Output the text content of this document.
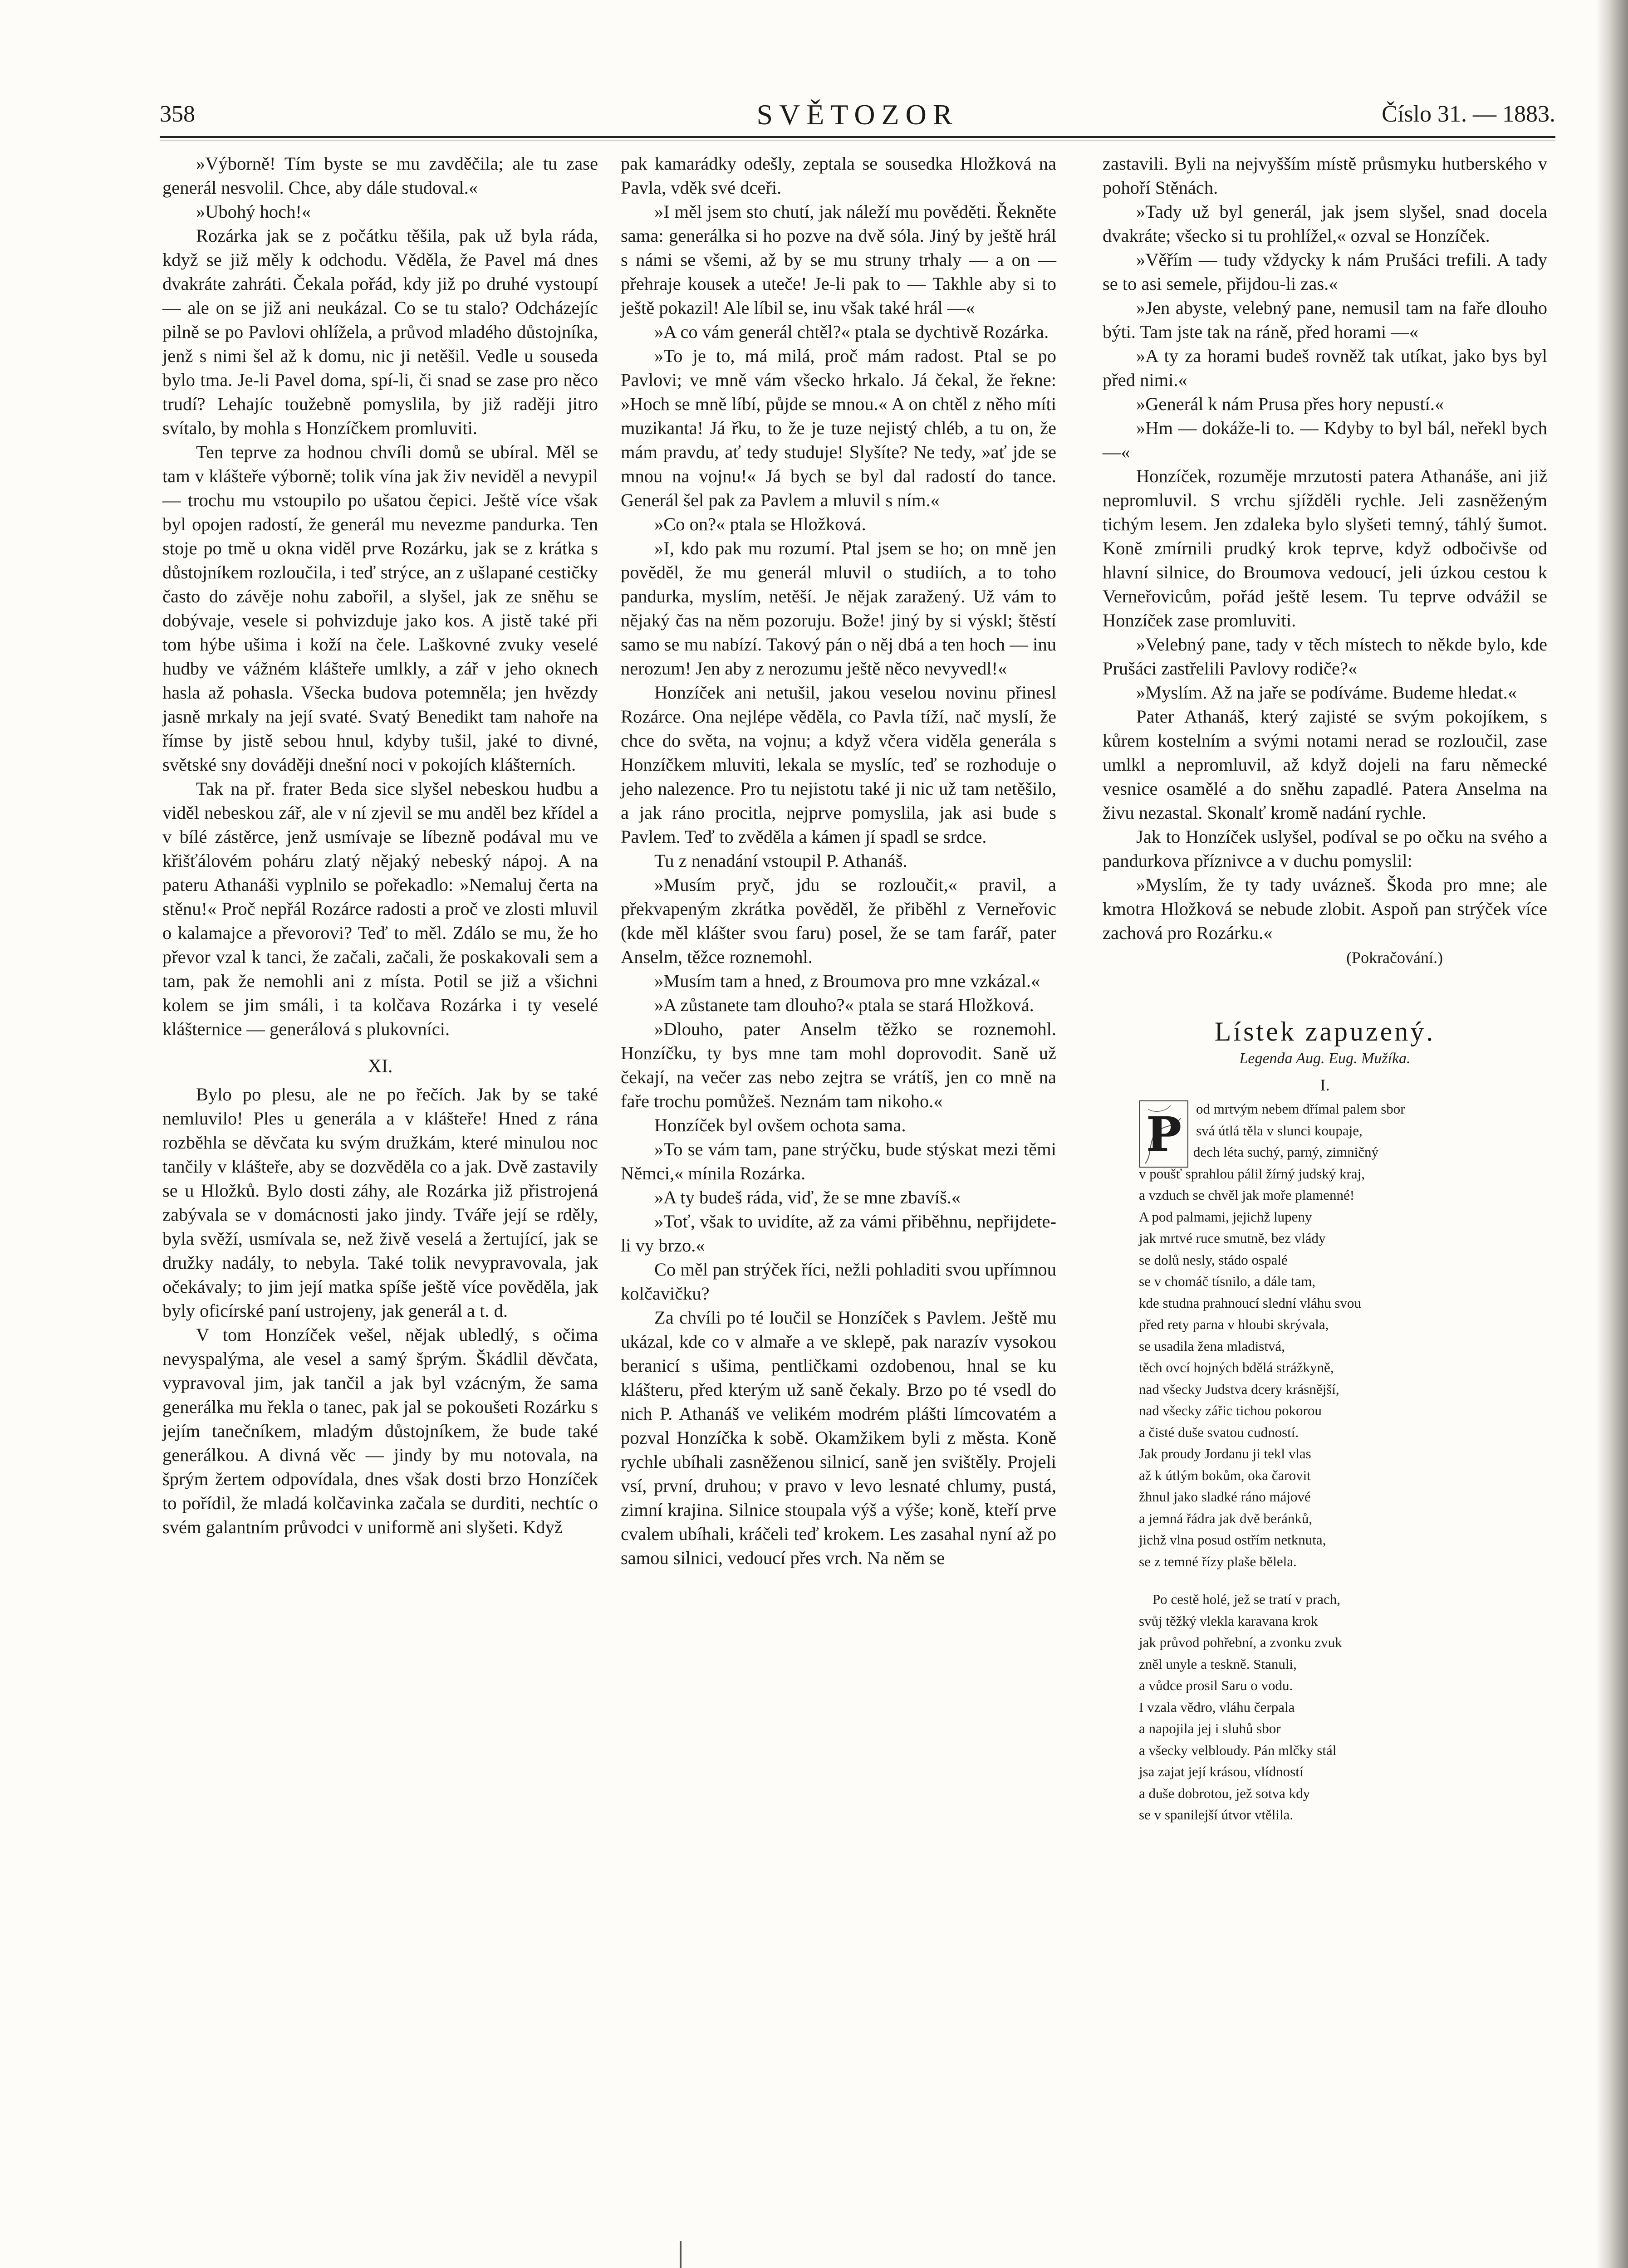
358	SVĚTOZOR	Číslo 31. — 1883.

»Výborně! Tím byste se mu zavděčila; ale tu zase generál nesvolil. Chce, aby dále studoval.«

»Ubohý hoch!«

Rozárka jak se z počátku těšila, pak už byla ráda, když se již měly k odchodu. Věděla, že Pavel má dnes dvakráte zahráti. Čekala pořád, kdy již po druhé vystoupí — ale on se již ani neukázal. Co se tu stalo? Odcházejíc pilně se po Pavlovi ohlížela, a průvod mladého důstojníka, jenž s nimi šel až k domu, nic ji netěšil. Vedle u souseda bylo tma. Je-li Pavel doma, spí-li, či snad se zase pro něco trudí? Lehajíc toužebně pomyslila, by již raději jitro svítalo, by mohla s Honzíčkem promluviti.

Ten teprve za hodnou chvíli domů se ubíral. Měl se tam v klášteře výborně; tolik vína jak živ neviděl a nevypil — trochu mu vstoupilo po ušatou čepici. Ještě více však byl opojen radostí, že generál mu nevezme pandurka. Ten stoje po tmě u okna viděl prve Rozárku, jak se z krátka s důstojníkem rozloučila, i teď strýce, an z ušlapané cestičky často do závěje nohu zabořil, a slyšel, jak ze sněhu se dobývaje, vesele si pohvizduje jako kos. A jistě také při tom hýbe ušima i koží na čele. Laškovné zvuky veselé hudby ve vážném klášteře umlkly, a zář v jeho oknech hasla až pohasla. Všecka budova potemněla; jen hvězdy jasně mrkaly na její svaté. Svatý Benedikt tam nahoře na římse by jistě sebou hnul, kdyby tušil, jaké to divné, světské sny dováději dnešní noci v pokojích klášterních.

Tak na př. frater Beda sice slyšel nebeskou hudbu a viděl nebeskou zář, ale v ní zjevil se mu anděl bez křídel a v bílé zástěrce, jenž usmívaje se líbezně podával mu ve křišťálovém poháru zlatý nějaký nebeský nápoj. A na pateru Athanáši vyplnilo se pořekadlo: »Nemaluj čerta na stěnu!« Proč nepřál Rozárce radosti a proč ve zlosti mluvil o kalamajce a převorovi? Teď to měl. Zdálo se mu, že ho převor vzal k tanci, že začali, začali, že poskakovali sem a tam, pak že nemohli ani z místa. Potil se již a všichni kolem se jim smáli, i ta kolčava Rozárka i ty veselé klášternice — generálová s plukovníci.

XI.

Bylo po plesu, ale ne po řečích. Jak by se také nemluvilo! Ples u generála a v klášteře! Hned z rána rozběhla se děvčata ku svým družkám, které minulou noc tančily v klášteře, aby se dozvěděla co a jak. Dvě zastavily se u Hložků. Bylo dosti záhy, ale Rozárka již přistrojená zabývala se v domácnosti jako jindy. Tváře její se rděly, byla svěží, usmívala se, než živě veselá a žertující, jak se družky nadály, to nebyla. Také tolik nevypravovala, jak očekávaly; to jim její matka spíše ještě více pověděla, jak byly oficírské paní ustrojeny, jak generál a t. d.

V tom Honzíček vešel, nějak ubledlý, s očima nevyspalýma, ale vesel a samý šprým. Škádlil děvčata, vypravoval jim, jak tančil a jak byl vzácným, že sama generálka mu řekla o tanec, pak jal se pokoušeti Rozárku s jejím tanečníkem, mladým důstojníkem, že bude také generálkou. A divná věc — jindy by mu notovala, na šprým žertem odpovídala, dnes však dosti brzo Honzíček to pořídil, že mladá kolčavinka začala se durditi, nechtíc o svém galantním průvodci v uniformě ani slyšeti. Když

pak kamarádky odešly, zeptala se sousedka Hložková na Pavla, vděk své dceři.

»I měl jsem sto chutí, jak náleží mu pověděti. Řekněte sama: generálka si ho pozve na dvě sóla. Jiný by ještě hrál s námi se všemi, až by se mu struny trhaly — a on — přehraje kousek a uteče! Je-li pak to — Takhle aby si to ještě pokazil! Ale líbil se, inu však také hrál —«

»A co vám generál chtěl?« ptala se dychtivě Rozárka.

»To je to, má milá, proč mám radost. Ptal se po Pavlovi; ve mně vám všecko hrkalo. Já čekal, že řekne: »Hoch se mně líbí, půjde se mnou.« A on chtěl z něho míti muzikanta! Já řku, to že je tuze nejistý chléb, a tu on, že mám pravdu, ať tedy studuje! Slyšíte? Ne tedy, »ať jde se mnou na vojnu!« Já bych se byl dal radostí do tance. Generál šel pak za Pavlem a mluvil s ním.«

»Co on?« ptala se Hložková.

»I, kdo pak mu rozumí. Ptal jsem se ho; on mně jen pověděl, že mu generál mluvil o studiích, a to toho pandurka, myslím, netěší. Je nějak zaražený. Už vám to nějaký čas na něm pozoruju. Bože! jiný by si výskl; štěstí samo se mu nabízí. Takový pán o něj dbá a ten hoch — inu nerozum! Jen aby z nerozumu ještě něco nevyvedl!«

Honzíček ani netušil, jakou veselou novinu přinesl Rozárce. Ona nejlépe věděla, co Pavla tíží, nač myslí, že chce do světa, na vojnu; a když včera viděla generála s Honzíčkem mluviti, lekala se myslíc, teď se rozhoduje o jeho nalezence. Pro tu nejistotu také ji nic už tam netěšilo, a jak ráno procitla, nejprve pomyslila, jak asi bude s Pavlem. Teď to zvěděla a kámen jí spadl se srdce.

Tu z nenadání vstoupil P. Athanáš.

»Musím pryč, jdu se rozloučit,« pravil, a překvapeným zkrátka pověděl, že přiběhl z Verneřovic (kde měl klášter svou faru) posel, že se tam farář, pater Anselm, těžce roznemohl.

»Musím tam a hned, z Broumova pro mne vzkázal.«

»A zůstanete tam dlouho?« ptala se stará Hložková.

»Dlouho, pater Anselm těžko se roznemohl. Honzíčku, ty bys mne tam mohl doprovodit. Saně už čekají, na večer zas nebo zejtra se vrátíš, jen co mně na faře trochu pomůžeš. Neznám tam nikoho.«

Honzíček byl ovšem ochota sama.

»To se vám tam, pane strýčku, bude stýskat mezi těmi Němci,« mínila Rozárka.

»A ty budeš ráda, viď, že se mne zbavíš.«

»Toť, však to uvidíte, až za vámi přiběhnu, nepřijdete-li vy brzo.«

Co měl pan strýček říci, nežli pohladiti svou upřímnou kolčavičku?

Za chvíli po té loučil se Honzíček s Pavlem. Ještě mu ukázal, kde co v almaře a ve sklepě, pak narazív vysokou beranicí s ušima, pentličkami ozdobenou, hnal se ku klášteru, před kterým už saně čekaly. Brzo po té vsedl do nich P. Athanáš ve velikém modrém plášti límcovatém a pozval Honzíčka k sobě. Okamžikem byli z města. Koně rychle ubíhali zasněženou silnicí, saně jen svištěly. Projeli vsí, první, druhou; v pravo v levo lesnaté chlumy, pustá, zimní krajina. Silnice stoupala výš a výše; koně, kteří prve cvalem ubíhali, kráčeli teď krokem. Les zasahal nyní až po samou silnici, vedoucí přes vrch. Na něm se

zastavili. Byli na nejvyšším místě průsmyku hutberského v pohoří Stěnách.

»Tady už byl generál, jak jsem slyšel, snad docela dvakráte; všecko si tu prohlížel,« ozval se Honzíček.

»Věřím — tudy vždycky k nám Prušáci trefili. A tady se to asi semele, přijdou-li zas.«

»Jen abyste, velebný pane, nemusil tam na faře dlouho býti. Tam jste tak na ráně, před horami —«

»A ty za horami budeš rovněž tak utíkat, jako bys byl před nimi.«

»Generál k nám Prusa přes hory nepustí.«

»Hm — dokáže-li to. — Kdyby to byl bál, neřekl bych —«

Honzíček, rozuměje mrzutosti patera Athanáše, ani již nepromluvil. S vrchu sjížděli rychle. Jeli zasněženým tichým lesem. Jen zdaleka bylo slyšeti temný, táhlý šumot. Koně zmírnili prudký krok teprve, když odbočivše od hlavní silnice, do Broumova vedoucí, jeli úzkou cestou k Verneřovicům, pořád ještě lesem. Tu teprve odvážil se Honzíček zase promluviti.

»Velebný pane, tady v těch místech to někde bylo, kde Prušáci zastřelili Pavlovy rodiče?«

»Myslím. Až na jaře se podíváme. Budeme hledat.«

Pater Athanáš, který zajisté se svým pokojíkem, s kůrem kostelním a svými notami nerad se rozloučil, zase umlkl a nepromluvil, až když dojeli na faru německé vesnice osamělé a do sněhu zapadlé. Patera Anselma na živu nezastal. Skonalť kromě nadání rychle.

Jak to Honzíček uslyšel, podíval se po očku na svého a pandurkova příznivce a v duchu pomyslil:

»Myslím, že ty tady uvázneš. Škoda pro mne; ale kmotra Hložková se nebude zlobit. Aspoň pan strýček více zachová pro Rozárku.«

(Pokračování.)
Lístek zapuzený.
Legenda Aug. Eug. Mužíka.
I.
P	od mrtvým nebem dřímal palem sbor
svá útlá těla v slunci koupaje,
dech léta suchý, parný, zimničný
v poušť sprahlou pálil žírný judský kraj,
a vzduch se chvěl jak moře plamenné!
A pod palmami, jejichž lupeny
jak mrtvé ruce smutně, bez vlády
se dolů nesly, stádo ospalé
se v chomáč tísnilo, a dále tam,
kde studna prahnoucí slední vláhu svou
před rety parna v hloubi skrývala,
se usadila žena mladistvá,
těch ovcí hojných bdělá strážkyně,
nad všecky Judstva dcery krásnější,
nad všecky zářic tichou pokorou
a čisté duše svatou cudností.
Jak proudy Jordanu ji tekl vlas
až k útlým bokům, oka čarovit
žhnul jako sladké ráno májové
a jemná řádra jak dvě beránků,
jichž vlna posud ostřím netknuta,
se z temné řízy plaše bělela.
Po cestě holé, jež se tratí v prach,
svůj těžký vlekla karavana krok
jak průvod pohřební, a zvonku zvuk
zněl unyle a teskně. Stanuli,
a vůdce prosil Saru o vodu.
I vzala vědro, vláhu čerpala
a napojila jej i sluhů sbor
a všecky velbloudy. Pán mlčky stál
jsa zajat její krásou, vlídností
a duše dobrotou, jež sotva kdy
se v spanilejší útvor vtělila.
